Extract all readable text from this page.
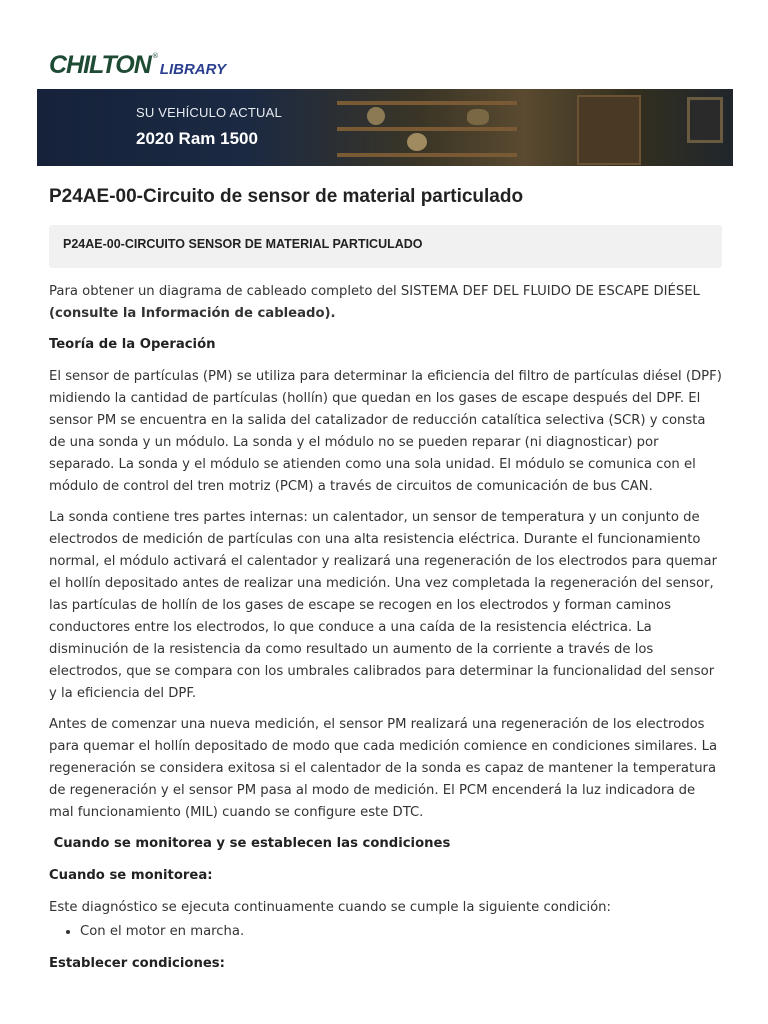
CHILTON ®
LIBRARY
SU VEHÍCULO ACTUAL
2020 Ram 1500
P24AE-00-Circuito de sensor de material particulado
P24AE-00-CIRCUITO SENSOR DE MATERIAL PARTICULADO

Para obtener un diagrama de cableado completo del SISTEMA DEF DEL FLUIDO DE ESCAPE DIÉSEL
(consulte la Información de cableado).

Teoría de la Operación

El sensor de partículas (PM) se utiliza para determinar la eficiencia del filtro de partículas diésel (DPF) midiendo la cantidad de partículas (hollín) que quedan en los gases de escape después del DPF. El sensor PM se encuentra en la salida del catalizador de reducción catalítica selectiva (SCR) y consta de una sonda y un módulo. La sonda y el módulo no se pueden reparar (ni diagnosticar) por separado. La sonda y el módulo se atienden como una sola unidad. El módulo se comunica con el módulo de control del tren motriz (PCM) a través de circuitos de comunicación de bus CAN.

La sonda contiene tres partes internas: un calentador, un sensor de temperatura y un conjunto de electrodos de medición de partículas con una alta resistencia eléctrica. Durante el funcionamiento normal, el módulo activará el calentador y realizará una regeneración de los electrodos para quemar el hollín depositado antes de realizar una medición. Una vez completada la regeneración del sensor, las partículas de hollín de los gases de escape se recogen en los electrodos y forman caminos conductores entre los electrodos, lo que conduce a una caída de la resistencia eléctrica. La disminución de la resistencia da como resultado un aumento de la corriente a través de los electrodos, que se compara con los umbrales calibrados para determinar la funcionalidad del sensor y la eficiencia del DPF.

Antes de comenzar una nueva medición, el sensor PM realizará una regeneración de los electrodos para quemar el hollín depositado de modo que cada medición comience en condiciones similares. La regeneración se considera exitosa si el calentador de la sonda es capaz de mantener la temperatura de regeneración y el sensor PM pasa al modo de medición. El PCM encenderá la luz indicadora de mal funcionamiento (MIL) cuando se configure este DTC.

Cuando se monitorea y se establecen las condiciones

Cuando se monitorea:

Este diagnóstico se ejecuta continuamente cuando se cumple la siguiente condición:

• Con el motor en marcha.

Establecer condiciones:
